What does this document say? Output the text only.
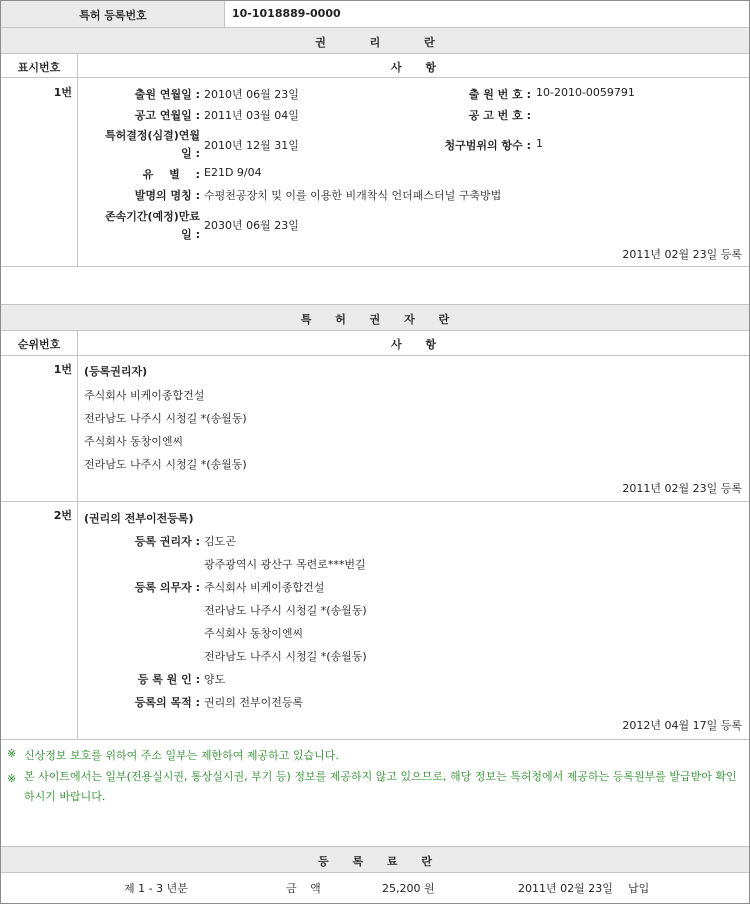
특허 등록번호	10-1018889-0000
권 리 란
표시번호	사 항
1번	출원 연월일 : 2010년 06월 23일	출 원 번 호 : 10-2010-0059791
공고 연월일 : 2011년 03월 04일	공 고 번 호 :
특허결정(심결)연월
일 :
2010년 12월 31일	청구범위의 항수 : 1
유 별 : E21D 9/04
발명의 명칭 : 수평천공장치 및 이를 이용한 비개착식 언더패스터널 구축방법
존속기간(예정)만료
일 :
2030년 06월 23일
2011년 02월 23일 등록
특 허 권 자 란
순위번호	사 항
1번 (등록권리자)
주식회사 비케이종합건설
전라남도 나주시 시청길 *(송월동)
주식회사 동창이엔씨
전라남도 나주시 시청길 *(송월동)
2011년 02월 23일 등록
2번 (권리의 전부이전등록)
등록 권리자 : 김도곤
광주광역시 광산구 목련로***번길
등록 의무자 : 주식회사 비케이종합건설
전라남도 나주시 시청길 *(송월동)
주식회사 동창이엔씨
전라남도 나주시 시청길 *(송월동)
등 록 원 인 : 양도
등록의 목적 : 권리의 전부이전등록
2012년 04월 17일 등록
※ 신상정보 보호를 위하여 주소 일부는 제한하여 제공하고 있습니다.
※ 본 사이트에서는 일부(전용실시권, 통상실시권, 부기 등) 정보를 제공하지 않고 있으므로, 해당 정보는 특허청에서 제공하는 등록원부를 발급받아 확인하시기 바랍니다.
등 록 료 란
제 1 - 3 년분	금 액	25,200 원	2011년 02월 23일 납입
